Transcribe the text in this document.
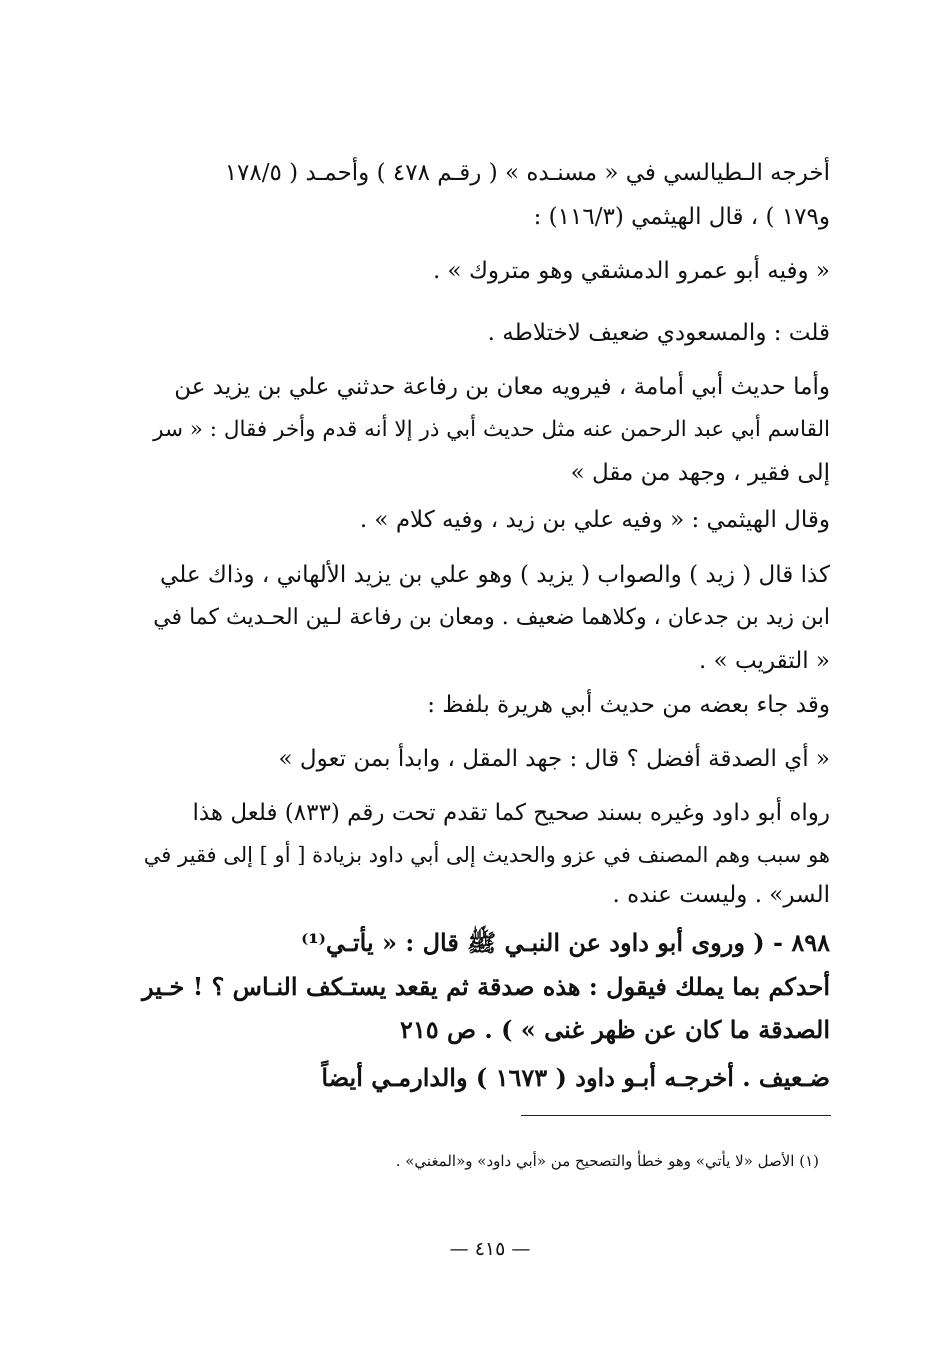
أخرجه الـطيالسي في « مسنـده » ( رقـم ٤٧٨ ) وأحمـد ( ١٧٨/٥
و١٧٩ ) ، قال الهيثمي (١١٦/٣) :
« وفيه أبو عمرو الدمشقي وهو متروك » .
قلت : والمسعودي ضعيف لاختلاطه .
وأما حديث أبي أمامة ، فيرويه معان بن رفاعة حدثني علي بن يزيد عن
القاسم أبي عبد الرحمن عنه مثل حديث أبي ذر إلا أنه قدم وأخر فقال : « سر
إلى فقير ، وجهد من مقل »
وقال الهيثمي : « وفيه علي بن زيد ، وفيه كلام » .
كذا قال ( زيد ) والصواب ( يزيد ) وهو علي بن يزيد الألهاني ، وذاك علي
ابن زيد بن جدعان ، وكلاهما ضعيف . ومعان بن رفاعة لـين الحـديث كما في
« التقريب » .
وقد جاء بعضه من حديث أبي هريرة بلفظ :
« أي الصدقة أفضل ؟ قال : جهد المقل ، وابدأ بمن تعول »
رواه أبو داود وغيره بسند صحيح كما تقدم تحت رقم (٨٣٣) فلعل هذا
هو سبب وهم المصنف في عزو والحديث إلى أبي داود بزيادة [ أو ] إلى فقير في
السر» . وليست عنده .
٨٩٨ - ( وروى أبو داود عن النبـي ﷺ قال : « يأتـي⁽¹⁾
أحدكم بما يملك فيقول : هذه صدقة ثم يقعد يستـكف النـاس ؟ ! خـير
الصدقة ما كان عن ظهر غنى » ) . ص ٢١٥
ضـعيف . أخرجـه أبـو داود ( ١٦٧٣ ) والدارمـي أيضاً
(١) الأصل «لا يأتي» وهو خطأ والتصحيح من «أبي داود» و«المغني» .
— ٤١٥ —
